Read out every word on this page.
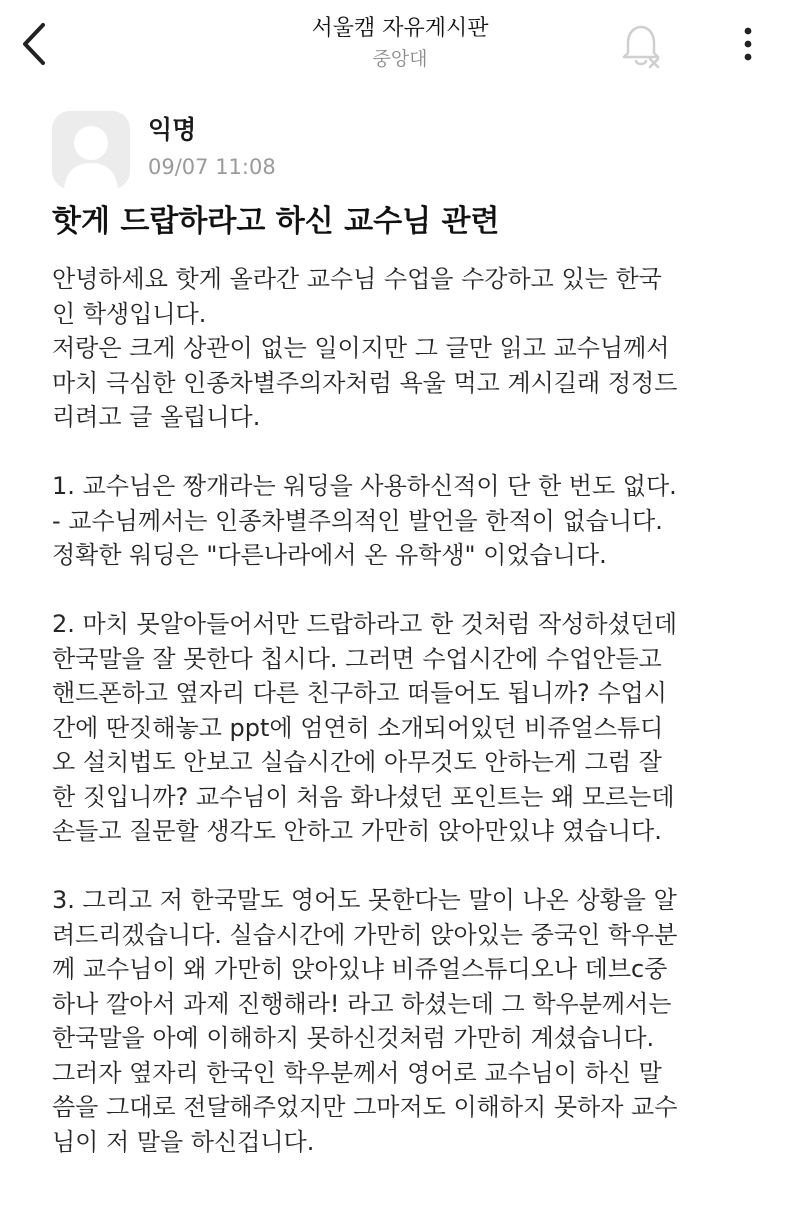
서울캠 자유게시판
중앙대
익명
09/07 11:08
핫게 드랍하라고 하신 교수님 관련
안녕하세요 핫게 올라간 교수님 수업을 수강하고 있는 한국
인 학생입니다.
저랑은 크게 상관이 없는 일이지만 그 글만 읽고 교수님께서
마치 극심한 인종차별주의자처럼 욕울 먹고 계시길래 정정드
리려고 글 올립니다.

1. 교수님은 짱개라는 워딩을 사용하신적이 단 한 번도 없다.
- 교수님께서는 인종차별주의적인 발언을 한적이 없습니다.
정확한 워딩은 "다른나라에서 온 유학생" 이었습니다.

2. 마치 못알아들어서만 드랍하라고 한 것처럼 작성하셨던데
한국말을 잘 못한다 칩시다. 그러면 수업시간에 수업안듣고
핸드폰하고 옆자리 다른 친구하고 떠들어도 됩니까? 수업시
간에 딴짓해놓고 ppt에 엄연히 소개되어있던 비쥬얼스튜디
오 설치법도 안보고 실습시간에 아무것도 안하는게 그럼 잘
한 짓입니까? 교수님이 처음 화나셨던 포인트는 왜 모르는데
손들고 질문할 생각도 안하고 가만히 앉아만있냐 였습니다.

3. 그리고 저 한국말도 영어도 못한다는 말이 나온 상황을 알
려드리겠습니다. 실습시간에 가만히 앉아있는 중국인 학우분
께 교수님이 왜 가만히 앉아있냐 비쥬얼스튜디오나 데브c중
하나 깔아서 과제 진행해라! 라고 하셨는데 그 학우분께서는
한국말을 아예 이해하지 못하신것처럼 가만히 계셨습니다.
그러자 옆자리 한국인 학우분께서 영어로 교수님이 하신 말
씀을 그대로 전달해주었지만 그마저도 이해하지 못하자 교수
님이 저 말을 하신겁니다.
